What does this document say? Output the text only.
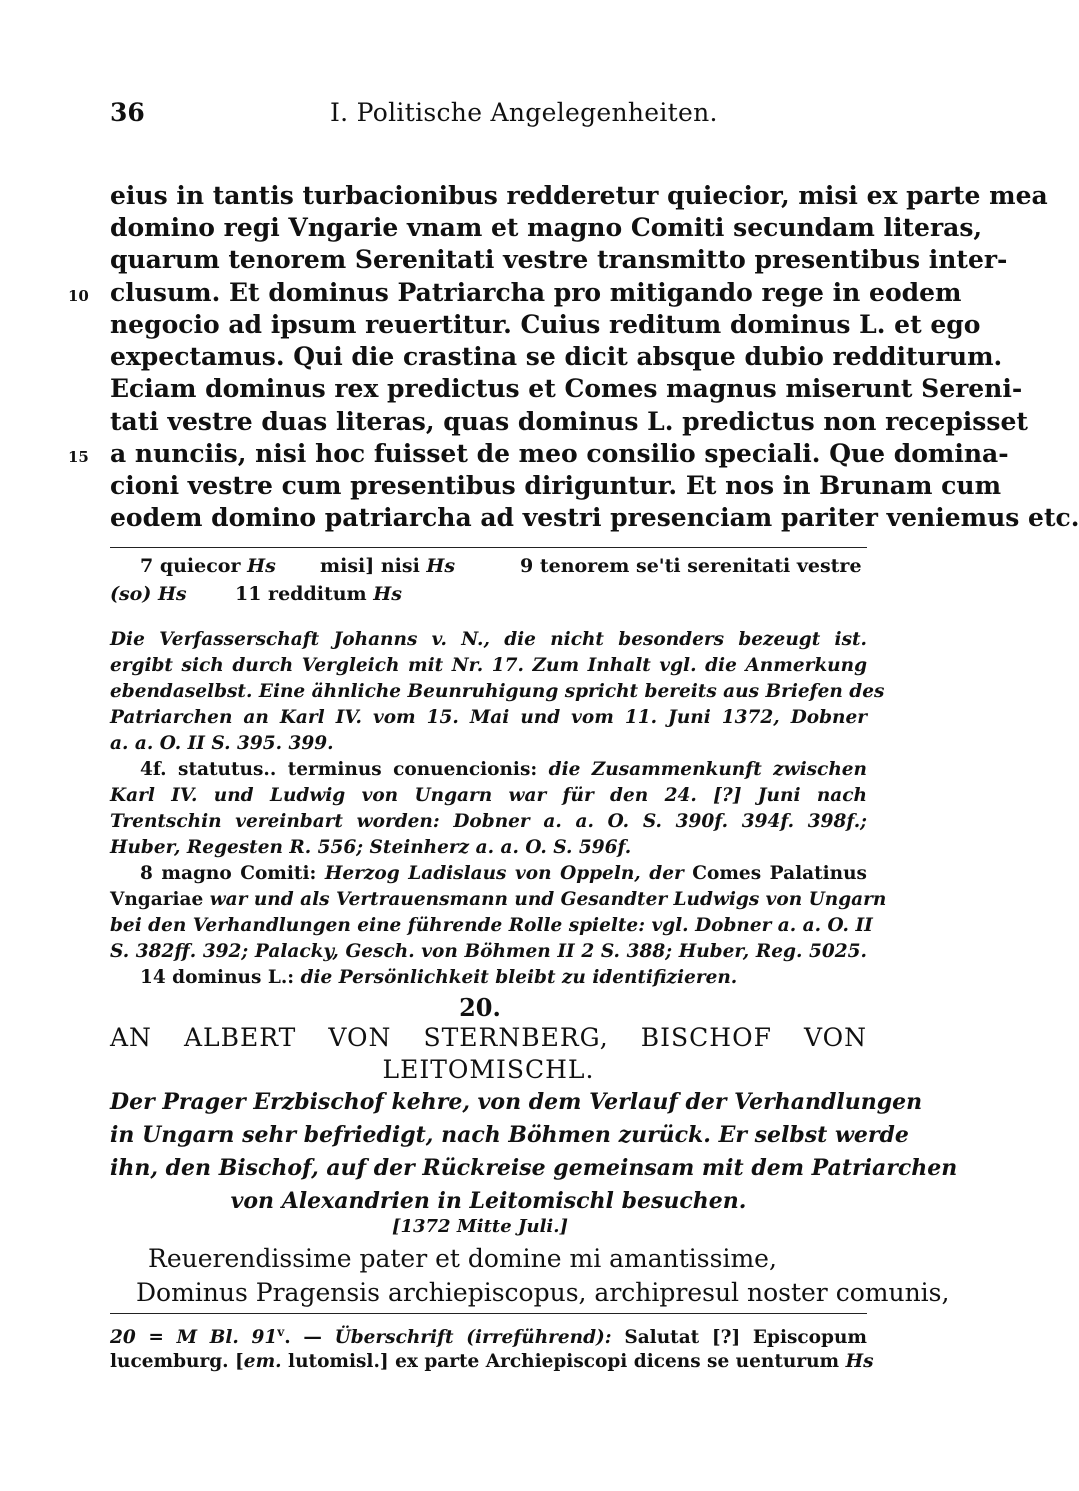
36	I. Politische Angelegenheiten.
eius in tantis turbacionibus redderetur quiecior, misi ex parte mea
domino regi Vngarie vnam et magno Comiti secundam literas,
quarum tenorem Serenitati vestre transmitto presentibus inter-
clusum. Et dominus Patriarcha pro mitigando rege in eodem
negocio ad ipsum reuertitur. Cuius reditum dominus L. et ego
expectamus. Qui die crastina se dicit absque dubio redditurum.
Eciam dominus rex predictus et Comes magnus miserunt Sereni-
tati vestre duas literas, quas dominus L. predictus non recepisset
a nunciis, nisi hoc fuisset de meo consilio speciali. Que domina-
cioni vestre cum presentibus diriguntur. Et nos in Brunam cum
eodem domino patriarcha ad vestri presenciam pariter veniemus etc.
10
15
7 quiecor Hs misi] nisi Hs	9 tenorem se'ti serenitati vestre
(so) Hs	11 redditum Hs
Die Verfasserschaft Johanns v. N., die nicht besonders bezeugt ist.
ergibt sich durch Vergleich mit Nr. 17. Zum Inhalt vgl. die Anmerkung
ebendaselbst. Eine ähnliche Beunruhigung spricht bereits aus Briefen des
Patriarchen an Karl IV. vom 15. Mai und vom 11. Juni 1372, Dobner
a. a. O. II S. 395. 399.
4f. statutus.. terminus conuencionis: die Zusammenkunft zwischen
Karl IV. und Ludwig von Ungarn war für den 24. [?] Juni nach
Trentschin vereinbart worden: Dobner a. a. O. S. 390f. 394f. 398f.;
Huber, Regesten R. 556; Steinherz a. a. O. S. 596f.
8 magno Comiti: Herzog Ladislaus von Oppeln, der Comes Palatinus
Vngariae war und als Vertrauensmann und Gesandter Ludwigs von Ungarn
bei den Verhandlungen eine führende Rolle spielte: vgl. Dobner a. a. O. II
S. 382ff. 392; Palacky, Gesch. von Böhmen II 2 S. 388; Huber, Reg. 5025.
14 dominus L.: die Persönlichkeit bleibt zu identifizieren.
20.
AN ALBERT VON STERNBERG, BISCHOF VON
LEITOMISCHL.
Der Prager Erzbischof kehre, von dem Verlauf der Verhandlungen
in Ungarn sehr befriedigt, nach Böhmen zurück. Er selbst werde
ihn, den Bischof, auf der Rückreise gemeinsam mit dem Patriarchen
von Alexandrien in Leitomischl besuchen.
[1372 Mitte Juli.]
Reuerendissime pater et domine mi amantissime,
Dominus Pragensis archiepiscopus, archipresul noster comunis,
20 = M Bl. 91$^v$. — Überschrift (irreführend): Salutat [?] Episcopum
lucemburg. [em. lutomisl.] ex parte Archiepiscopi dicens se uenturum Hs
